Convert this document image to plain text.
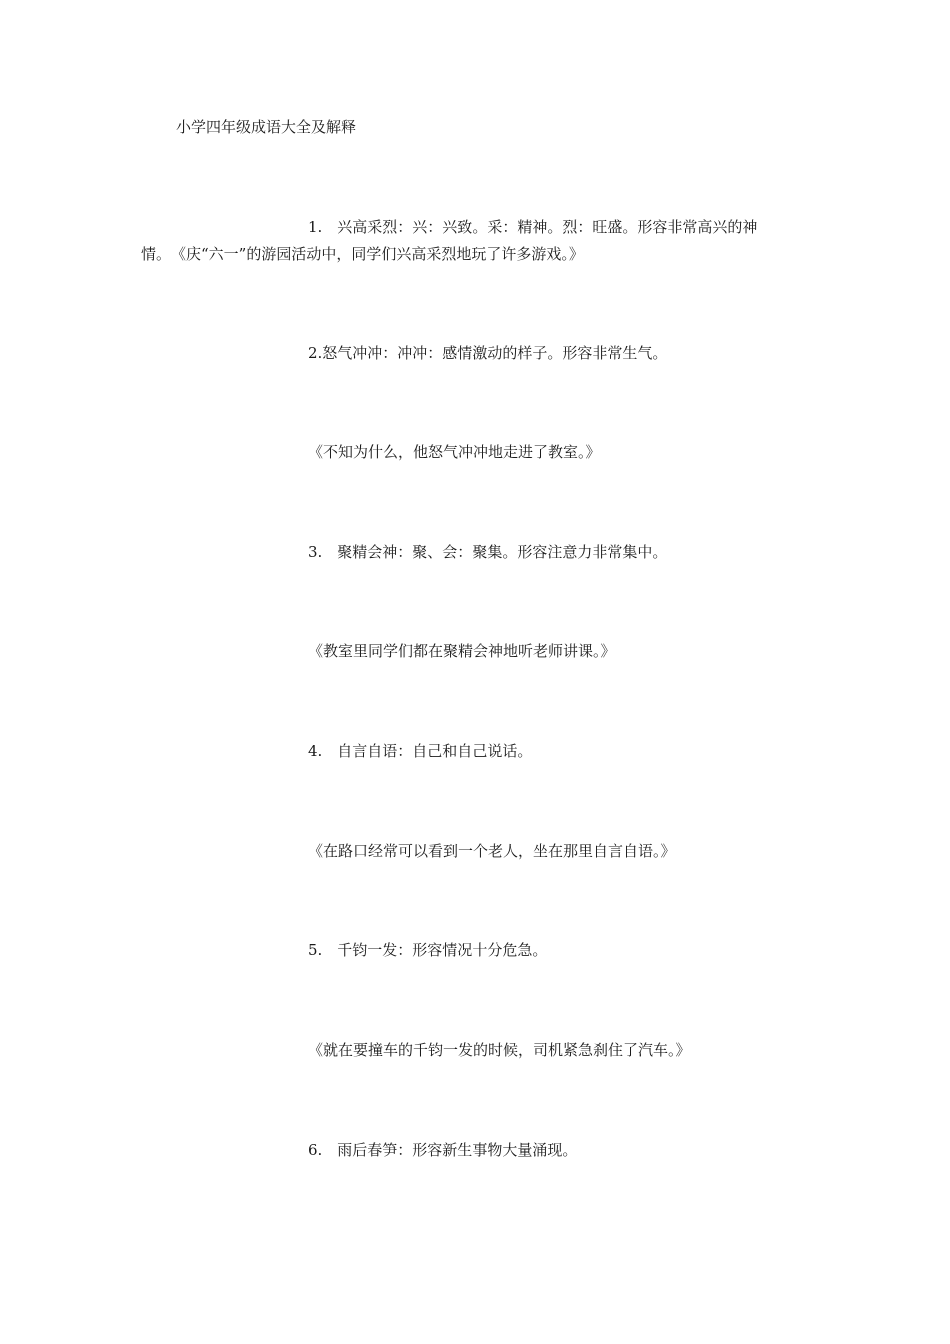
小学四年级成语大全及解释
1.　兴高采烈：兴：兴致。采：精神。烈：旺盛。形容非常高兴的神
情。　《庆“六一”的游园活动中，同学们兴高采烈地玩了许多游戏。》
2.怒气冲冲：冲冲：感情激动的样子。形容非常生气。
《不知为什么，他怒气冲冲地走进了教室。》
3.　聚精会神：聚、会：聚集。形容注意力非常集中。
《教室里同学们都在聚精会神地听老师讲课。》
4.　自言自语：自己和自己说话。
《在路口经常可以看到一个老人，坐在那里自言自语。》
5.　千钧一发：形容情况十分危急。
《就在要撞车的千钧一发的时候，司机紧急刹住了汽车。》
6.　雨后春笋：形容新生事物大量涌现。
